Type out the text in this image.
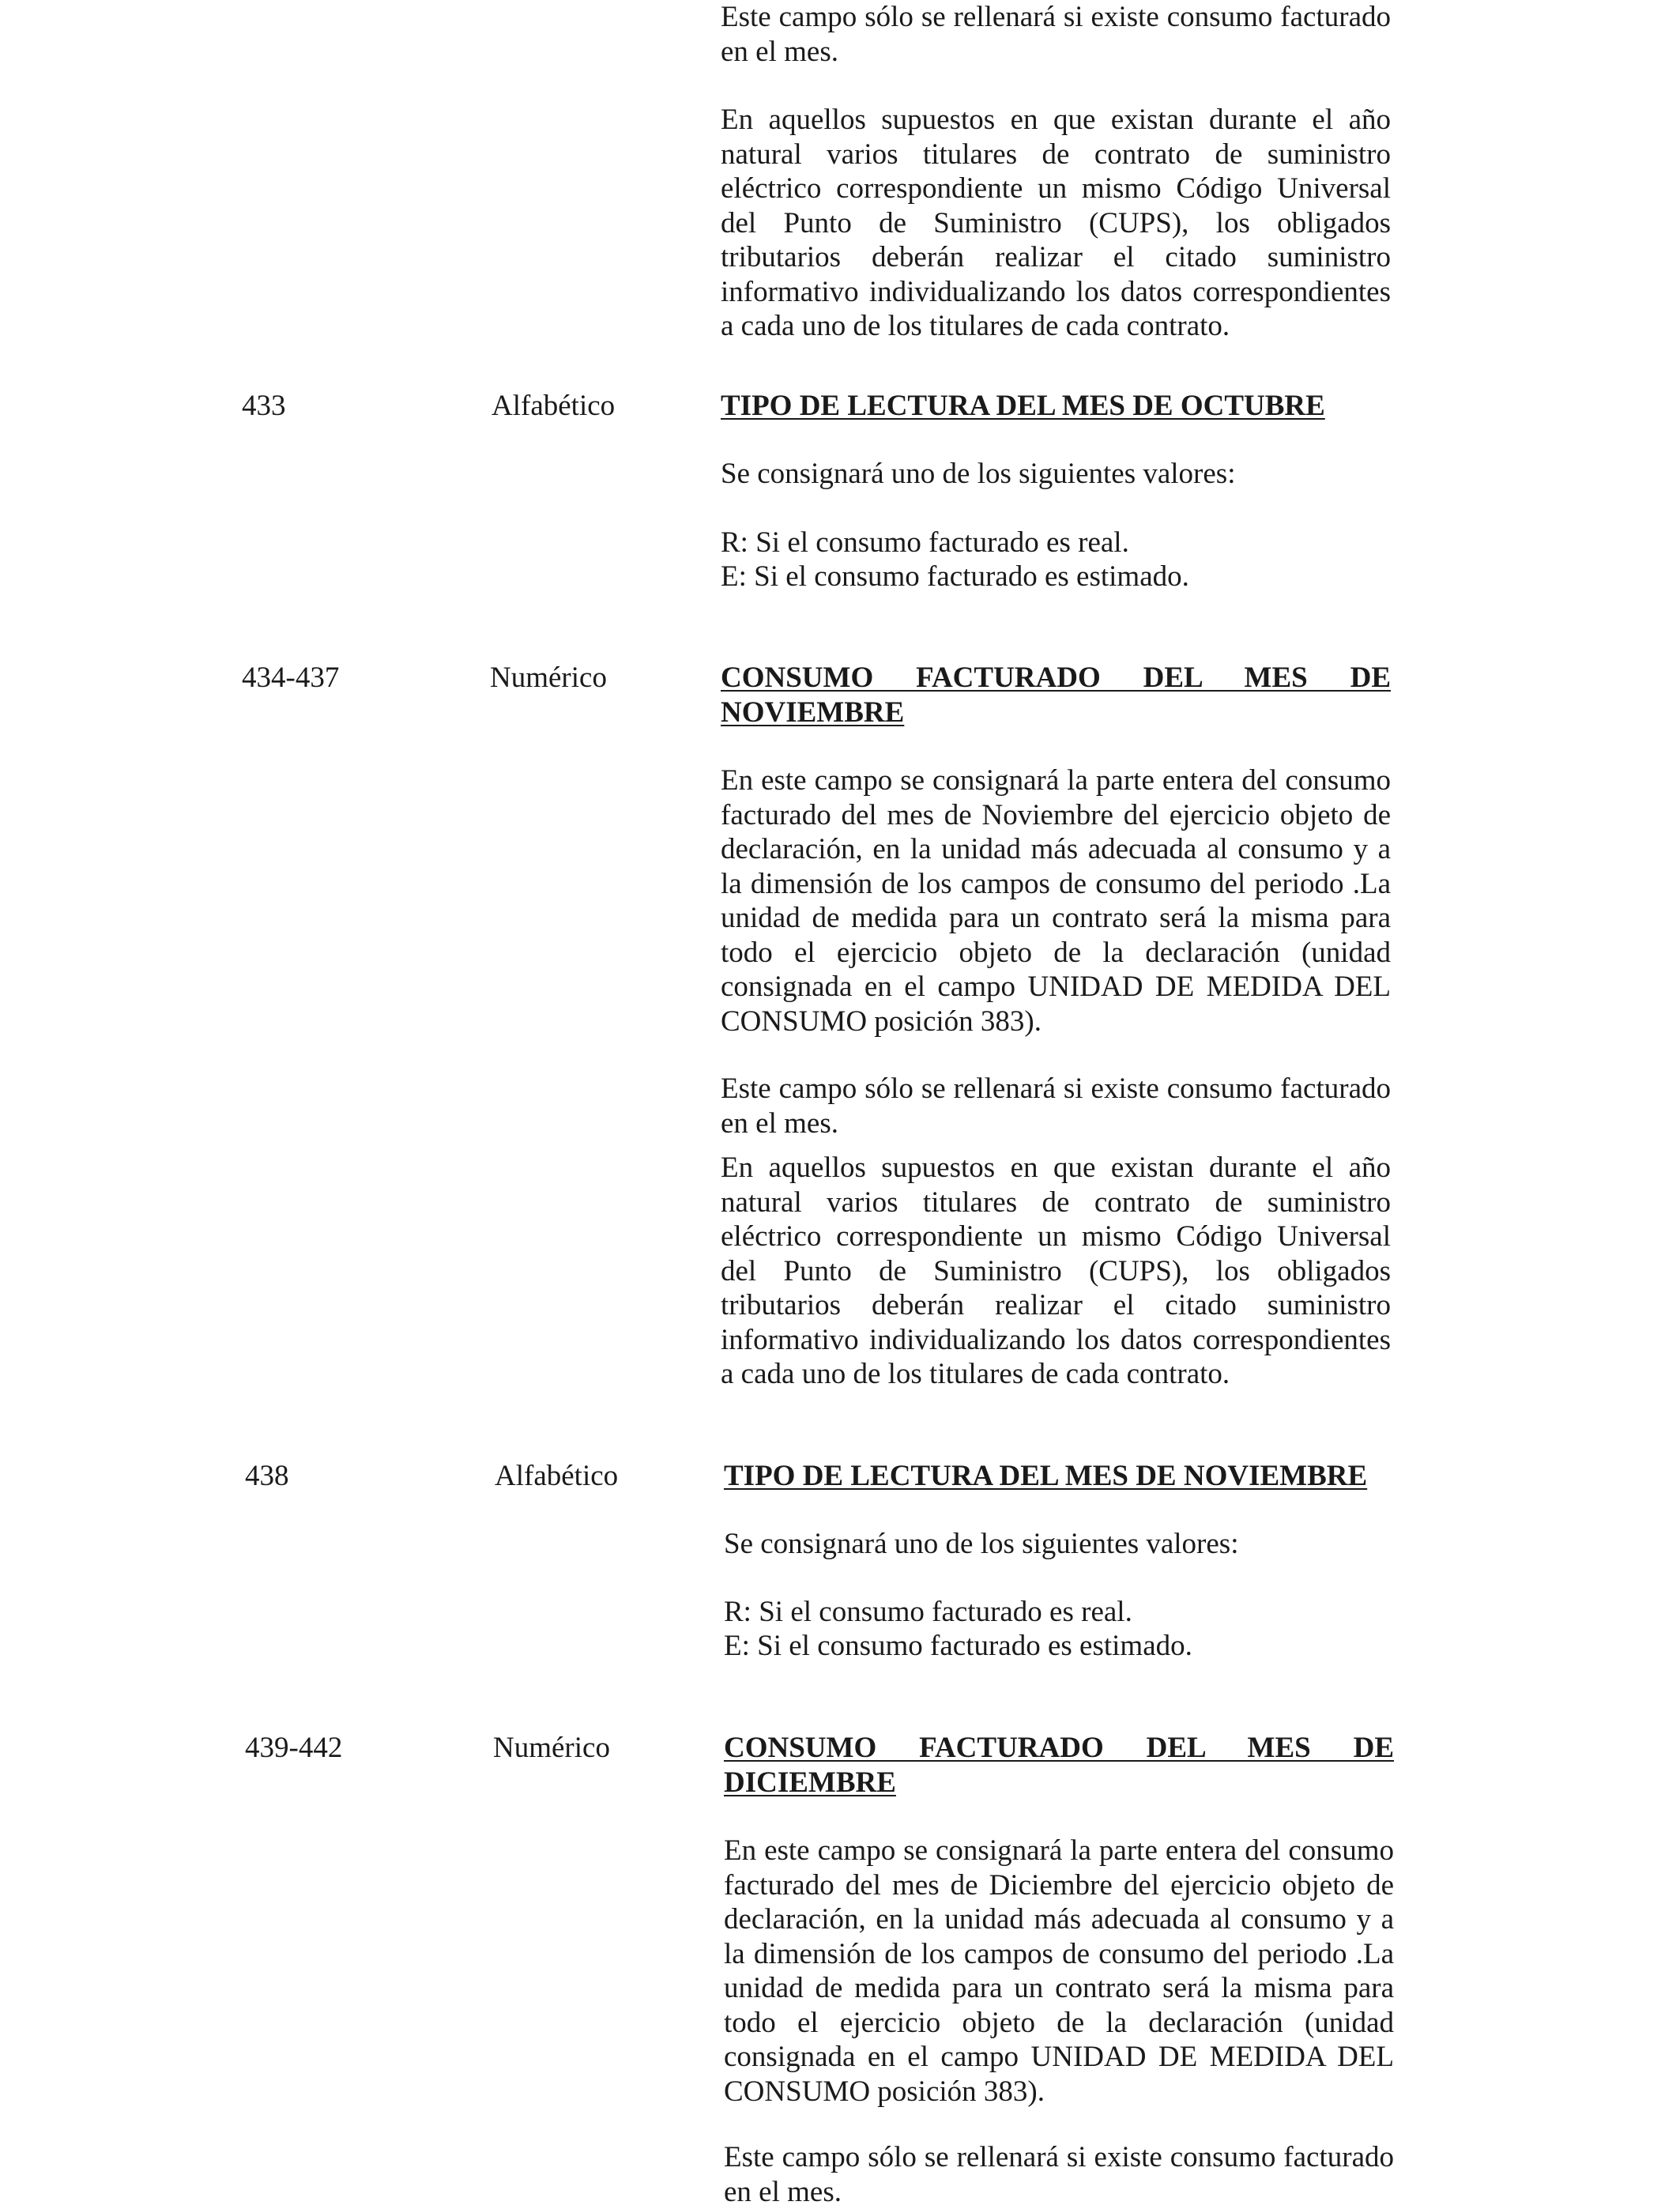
Este campo sólo se rellenará si existe consumo facturado en el mes.

En aquellos supuestos en que existan durante el año natural varios titulares de contrato de suministro eléctrico correspondiente un mismo Código Universal del Punto de Suministro (CUPS), los obligados tributarios deberán realizar el citado suministro informativo individualizando los datos correspondientes a cada uno de los titulares de cada contrato.

433	Alfabético	TIPO DE LECTURA DEL MES DE OCTUBRE

Se consignará uno de los siguientes valores:

R: Si el consumo facturado es real.
E: Si el consumo facturado es estimado.
434-437	Numérico	CONSUMO FACTURADO DEL MES DE NOVIEMBRE

En este campo se consignará la parte entera del consumo facturado del mes de Noviembre del ejercicio objeto de declaración, en la unidad más adecuada al consumo y a la dimensión de los campos de consumo del periodo .La unidad de medida para un contrato será la misma para todo el ejercicio objeto de la declaración (unidad consignada en el campo UNIDAD DE MEDIDA DEL CONSUMO posición 383).

Este campo sólo se rellenará si existe consumo facturado en el mes.

En aquellos supuestos en que existan durante el año natural varios titulares de contrato de suministro eléctrico correspondiente un mismo Código Universal del Punto de Suministro (CUPS), los obligados tributarios deberán realizar el citado suministro informativo individualizando los datos correspondientes a cada uno de los titulares de cada contrato.

438	Alfabético	TIPO DE LECTURA DEL MES DE NOVIEMBRE

Se consignará uno de los siguientes valores:

R: Si el consumo facturado es real.
E: Si el consumo facturado es estimado.
439-442	Numérico	CONSUMO FACTURADO DEL MES DE DICIEMBRE

En este campo se consignará la parte entera del consumo facturado del mes de Diciembre del ejercicio objeto de declaración, en la unidad más adecuada al consumo y a la dimensión de los campos de consumo del periodo .La unidad de medida para un contrato será la misma para todo el ejercicio objeto de la declaración (unidad consignada en el campo UNIDAD DE MEDIDA DEL CONSUMO posición 383).

Este campo sólo se rellenará si existe consumo facturado en el mes.
